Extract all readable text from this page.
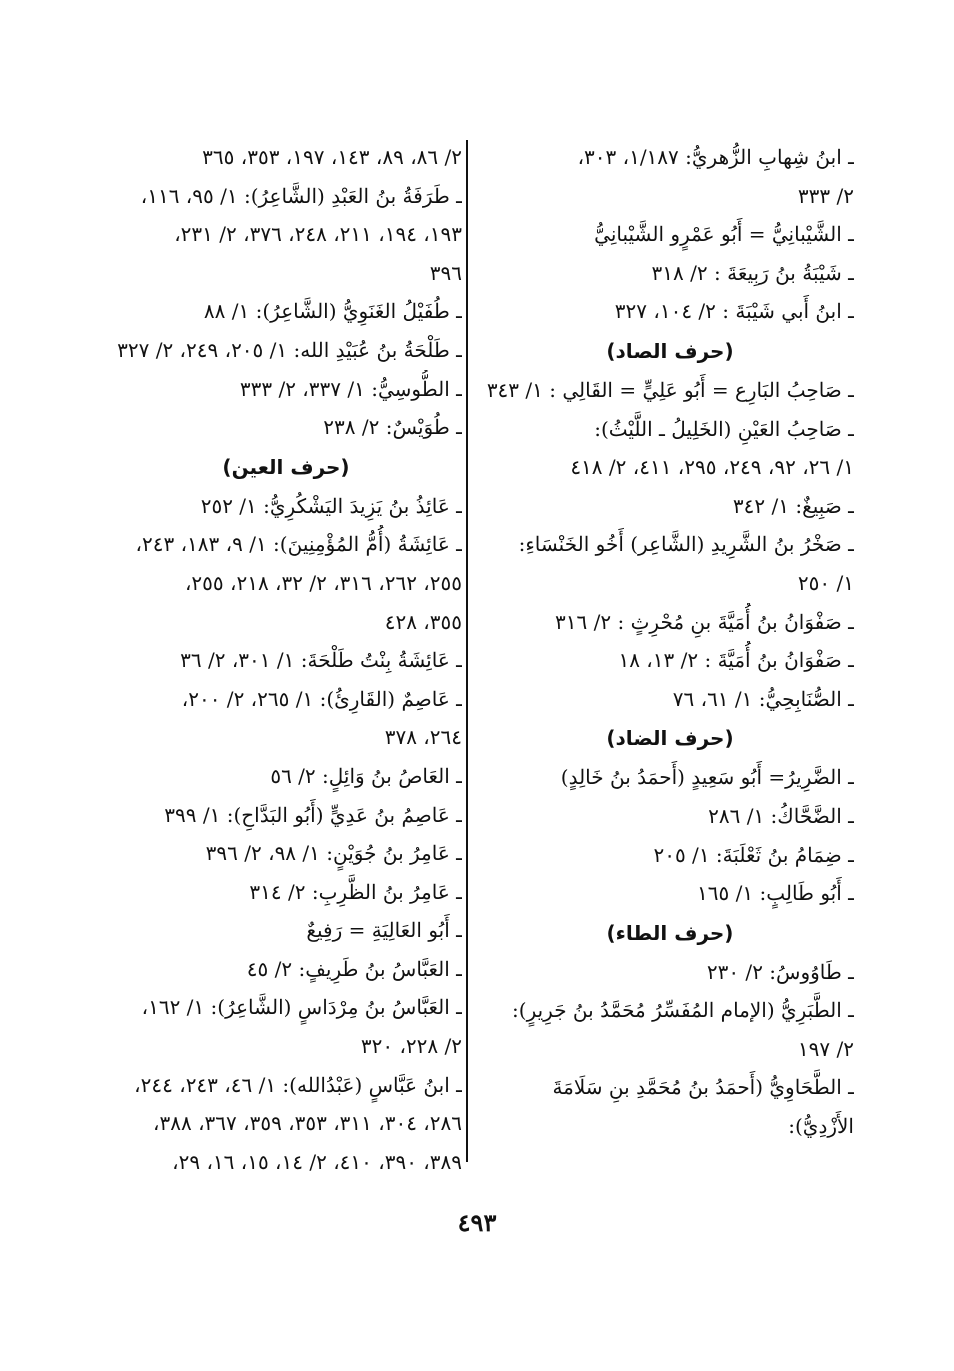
ـ ابنُ شِهابِ الزُّهريُّ: ١/١٨٧، ٣٠٣،
٢/ ٣٣٣
ـ الشَّيْبانِيُّ = أَبُو عَمْرٍو الشَّيْبانِيُّ
ـ شَيْبَةُ بنُ رَبِيعَةَ : ٢/ ٣١٨
ـ ابنُ أَبي شَيْبَةَ : ٢/ ١٠٤، ٣٢٧
(حرف الصاد)
ـ صَاحِبُ البَارِع = أَبُو عَلِيٍّ = القَالِي : ١/ ٣٤٣
ـ صَاحِبُ العَيْنِ (الخَلِيلُ ـ اللَّيْثُ):
١/ ٢٦، ٩٢، ٢٤٩، ٢٩٥، ٤١١، ٢/ ٤١٨
ـ صَبِيغٌ: ١/ ٣٤٢
ـ صَخْرُ بنُ الشَّرِيدِ (الشَّاعِر) أَخُو الخَنْسَاءِ:
١/ ٢٥٠
ـ صَفْوَانُ بنُ أُمَيَّةَ بنِ مُحْرِثٍ : ٢/ ٣١٦
ـ صَفْوَانُ بنُ أُمَيَّةَ : ٢/ ١٣، ١٨
ـ الصُّنَابِحِيُّ: ١/ ٦١، ٧٦
(حرف الضاد)
ـ الضَّرِيرُ= أَبُو سَعِيدٍ (أَحمَدُ بنُ خَالِدٍ)
ـ الضَّحَّاكُ: ١/ ٢٨٦
ـ ضِمَامُ بنُ ثَعْلَبَةَ: ١/ ٢٠٥
ـ أَبُو طَالِبٍ: ١/ ١٦٥
(حرف الطاء)
ـ طَاوُوسُ: ٢/ ٢٣٠
ـ الطَّبَرِيُّ (الإمام المُفَسِّرُ مُحَمَّدُ بنُ جَرِيرٍ):
٢/ ١٩٧
ـ الطَّحَاوِيُّ (أَحمَدُ بنُ مُحَمَّدِ بنِ سَلَامَةَ
الأَزْدِيُّ):
٢/ ٨٦، ٨٩، ١٤٣، ١٩٧، ٣٥٣، ٣٦٥
ـ طَرَفَةُ بنُ العَبْدِ (الشَّاعِرُ): ١/ ٩٥، ١١٦،
١٩٣، ١٩٤، ٢١١، ٢٤٨، ٣٧٦، ٢/ ٢٣١،
٣٩٦
ـ طُفَيْلُ الغَنَوِيُّ (الشَّاعِرُ): ١/ ٨٨
ـ طَلْحَةُ بنُ عُبَيْدِ الله: ١/ ٢٠٥، ٢٤٩، ٢/ ٣٢٧
ـ الطُّوسِيُّ: ١/ ٣٣٧، ٢/ ٣٣٣
ـ طُوَيْسٌ: ٢/ ٢٣٨
(حرف العين)
ـ عَائِذُ بنُ يَزِيدَ اليَشْكُرِيُّ: ١/ ٢٥٢
ـ عَائِشَةُ (أُمُّ المُؤْمِنِينَ): ١/ ٩، ١٨٣، ٢٤٣،
٢٥٥، ٢٦٢، ٣١٦، ٢/ ٣٢، ٢١٨، ٢٥٥،
٣٥٥، ٤٢٨
ـ عَائِشَةُ بِنْتُ طَلْحَةَ: ١/ ٣٠١، ٢/ ٣٦
ـ عَاصِمٌ (القَارِئُ): ١/ ٢٦٥، ٢/ ٢٠٠،
٢٦٤، ٣٧٨
ـ العَاصُ بنُ وَائِلٍ: ٢/ ٥٦
ـ عَاصِمُ بنُ عَدِيٍّ (أَبُو البَدَّاحِ): ١/ ٣٩٩
ـ عَامِرُ بنُ جُوَيْنٍ: ١/ ٩٨، ٢/ ٣٩٦
ـ عَامِرُ بنُ الظَّرِبِ: ٢/ ٣١٤
ـ أَبُو العَالِيَةِ = رَفِيعٌ
ـ العَبَّاسُ بنُ طَرِيفٍ: ٢/ ٤٥
ـ العَبَّاسُ بنُ مِرْدَاسٍ (الشَّاعِرُ): ١/ ١٦٢،
٢/ ٢٢٨، ٣٢٠
ـ ابنُ عَبَّاسٍ (عَبْدُالله): ١/ ٤٦، ٢٤٣، ٢٤٤،
٢٨٦، ٣٠٤، ٣١١، ٣٥٣، ٣٥٩، ٣٦٧، ٣٨٨،
٣٨٩، ٣٩٠، ٤١٠، ٢/ ١٤، ١٥، ١٦، ٢٩،
٤٩٣
